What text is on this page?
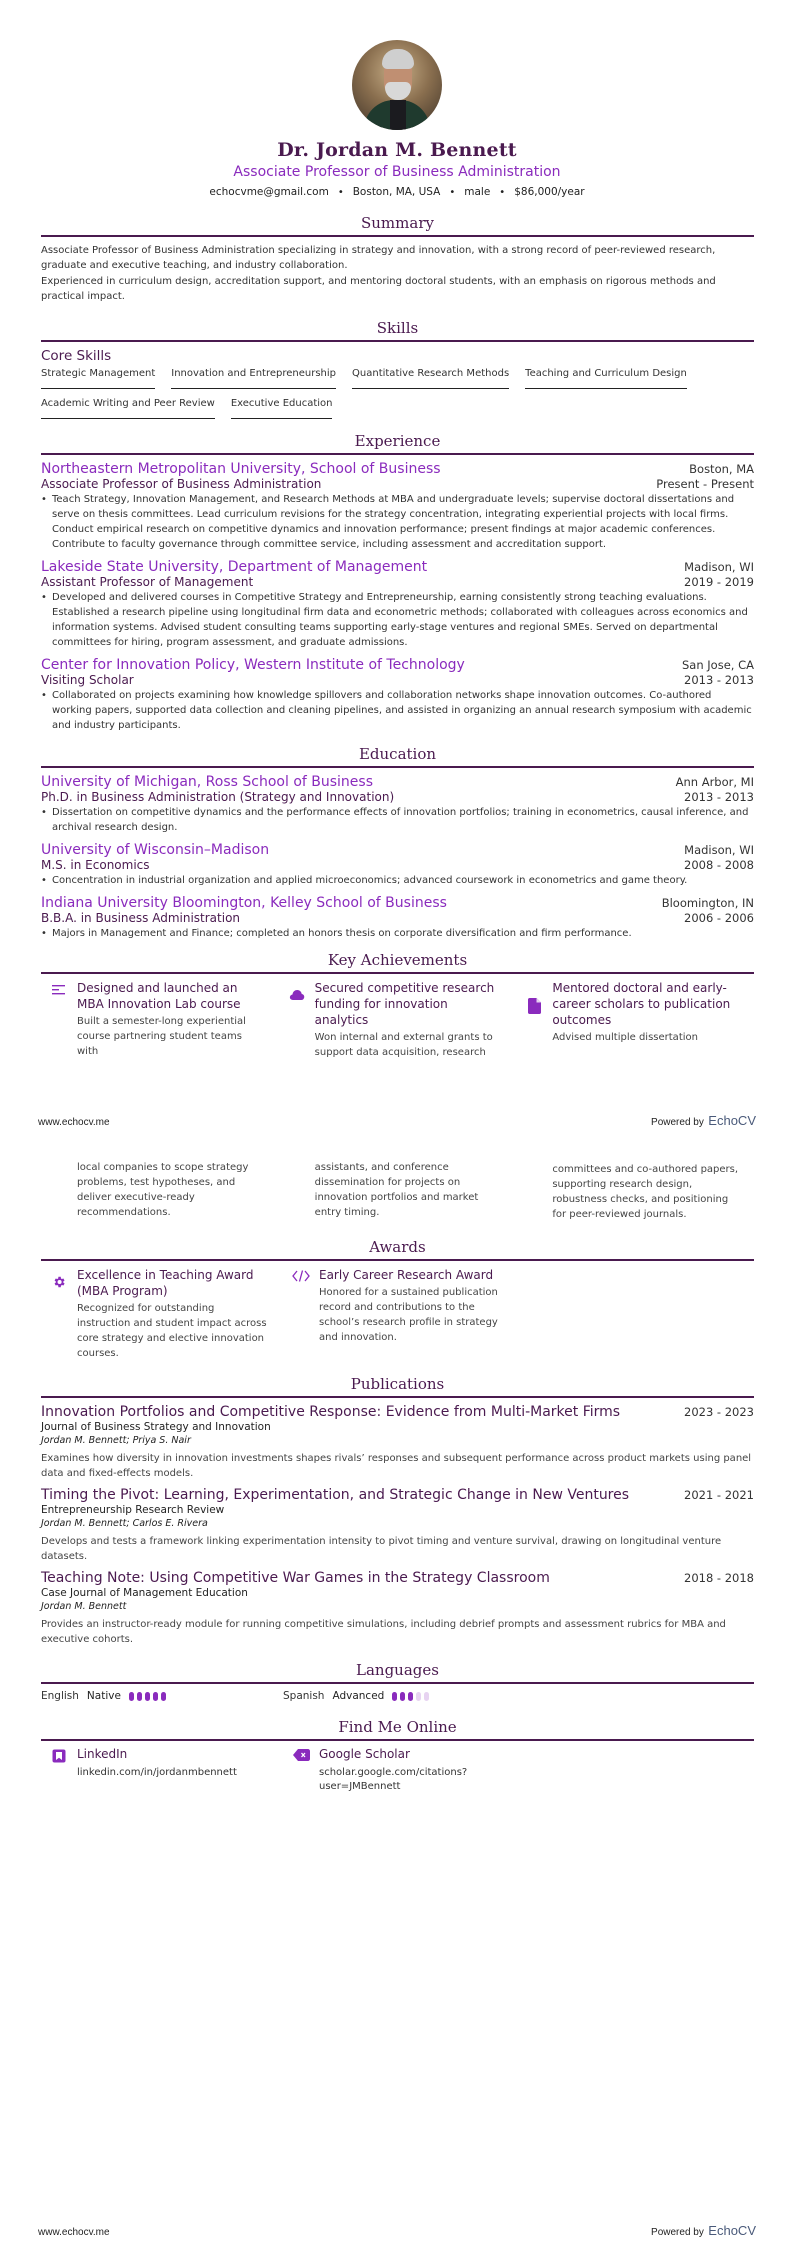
Dr. Jordan M. Bennett
Associate Professor of Business Administration
echocvme@gmail.com • Boston, MA, USA • male • $86,000/year
Summary

Associate Professor of Business Administration specializing in strategy and innovation, with a strong record of peer-reviewed research, graduate and executive teaching, and industry collaboration.

Experienced in curriculum design, accreditation support, and mentoring doctoral students, with an emphasis on rigorous methods and practical impact.

Skills
Core Skills
Strategic Management Innovation and Entrepreneurship Quantitative Research Methods Teaching and Curriculum Design
Academic Writing and Peer Review Executive Education
Experience
Northeastern Metropolitan University, School of Business	Boston, MA
Associate Professor of Business Administration	Present - Present
• Teach Strategy, Innovation Management, and Research Methods at MBA and undergraduate levels; supervise doctoral dissertations and serve on thesis committees. Lead curriculum revisions for the strategy concentration, integrating experiential projects with local firms. Conduct empirical research on competitive dynamics and innovation performance; present findings at major academic conferences. Contribute to faculty governance through committee service, including assessment and accreditation support.
Lakeside State University, Department of Management	Madison, WI
Assistant Professor of Management	2019 - 2019
• Developed and delivered courses in Competitive Strategy and Entrepreneurship, earning consistently strong teaching evaluations. Established a research pipeline using longitudinal firm data and econometric methods; collaborated with colleagues across economics and information systems. Advised student consulting teams supporting early-stage ventures and regional SMEs. Served on departmental committees for hiring, program assessment, and graduate admissions.
Center for Innovation Policy, Western Institute of Technology	San Jose, CA
Visiting Scholar	2013 - 2013
• Collaborated on projects examining how knowledge spillovers and collaboration networks shape innovation outcomes. Co-authored working papers, supported data collection and cleaning pipelines, and assisted in organizing an annual research symposium with academic and industry participants.
Education
University of Michigan, Ross School of Business	Ann Arbor, MI
Ph.D. in Business Administration (Strategy and Innovation)	2013 - 2013
• Dissertation on competitive dynamics and the performance effects of innovation portfolios; training in econometrics, causal inference, and archival research design.
University of Wisconsin–Madison	Madison, WI
M.S. in Economics	2008 - 2008
• Concentration in industrial organization and applied microeconomics; advanced coursework in econometrics and game theory.
Indiana University Bloomington, Kelley School of Business	Bloomington, IN
B.B.A. in Business Administration	2006 - 2006
• Majors in Management and Finance; completed an honors thesis on corporate diversification and firm performance.
Key Achievements
Designed and launched an MBA Innovation Lab course
Built a semester-long experiential course partnering student teams with
Secured competitive research funding for innovation analytics
Won internal and external grants to support data acquisition, research
Mentored doctoral and early-career scholars to publication outcomes
Advised multiple dissertation
www.echocv.me	Powered by EchoCV
local companies to scope strategy problems, test hypotheses, and deliver executive-ready recommendations.
assistants, and conference dissemination for projects on innovation portfolios and market entry timing.
committees and co-authored papers, supporting research design, robustness checks, and positioning for peer-reviewed journals.
Awards
Excellence in Teaching Award (MBA Program)
Recognized for outstanding instruction and student impact across core strategy and elective innovation courses.
Early Career Research Award
Honored for a sustained publication record and contributions to the school’s research profile in strategy and innovation.
Publications
Innovation Portfolios and Competitive Response: Evidence from Multi-Market Firms	2023 - 2023
Journal of Business Strategy and Innovation
Jordan M. Bennett; Priya S. Nair
Examines how diversity in innovation investments shapes rivals’ responses and subsequent performance across product markets using panel data and fixed-effects models.
Timing the Pivot: Learning, Experimentation, and Strategic Change in New Ventures	2021 - 2021
Entrepreneurship Research Review
Jordan M. Bennett; Carlos E. Rivera
Develops and tests a framework linking experimentation intensity to pivot timing and venture survival, drawing on longitudinal venture datasets.
Teaching Note: Using Competitive War Games in the Strategy Classroom	2018 - 2018
Case Journal of Management Education
Jordan M. Bennett
Provides an instructor-ready module for running competitive simulations, including debrief prompts and assessment rubrics for MBA and executive cohorts.
Languages
English Native	Spanish Advanced
Find Me Online
LinkedIn
linkedin.com/in/jordanmbennett
Google Scholar
scholar.google.com/citations?user=JMBennett
www.echocv.me	Powered by EchoCV
